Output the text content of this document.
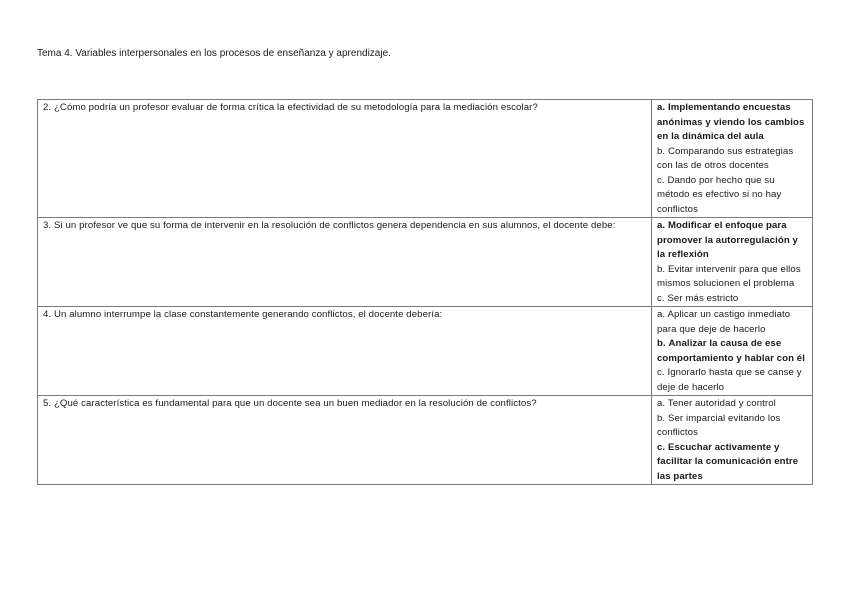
Tema 4. Variables interpersonales en los procesos de enseñanza y aprendizaje.
2. ¿Cómo podría un profesor evaluar de forma crítica la efectividad de su metodología para la mediación escolar?	a. Implementando encuestas anónimas y viendo los cambios en la dinámica del aula
b. Comparando sus estrategias con las de otros docentes
c. Dando por hecho que su método es efectivo si no hay conflictos

3. Si un profesor ve que su forma de intervenir en la resolución de conflictos genera dependencia en sus alumnos, el docente debe:	a. Modificar el enfoque para promover la autorregulación y la reflexión
b. Evitar intervenir para que ellos mismos solucionen el problema
c. Ser más estricto

4. Un alumno interrumpe la clase constantemente generando conflictos, el docente debería:	a. Aplicar un castigo inmediato para que deje de hacerlo
b. Analizar la causa de ese comportamiento y hablar con él
c. Ignorarlo hasta que se canse y deje de hacerlo

5. ¿Qué característica es fundamental para que un docente sea un buen mediador en la resolución de conflictos?	a. Tener autoridad y control
b. Ser imparcial evitando los conflictos
c. Escuchar activamente y facilitar la comunicación entre las partes
